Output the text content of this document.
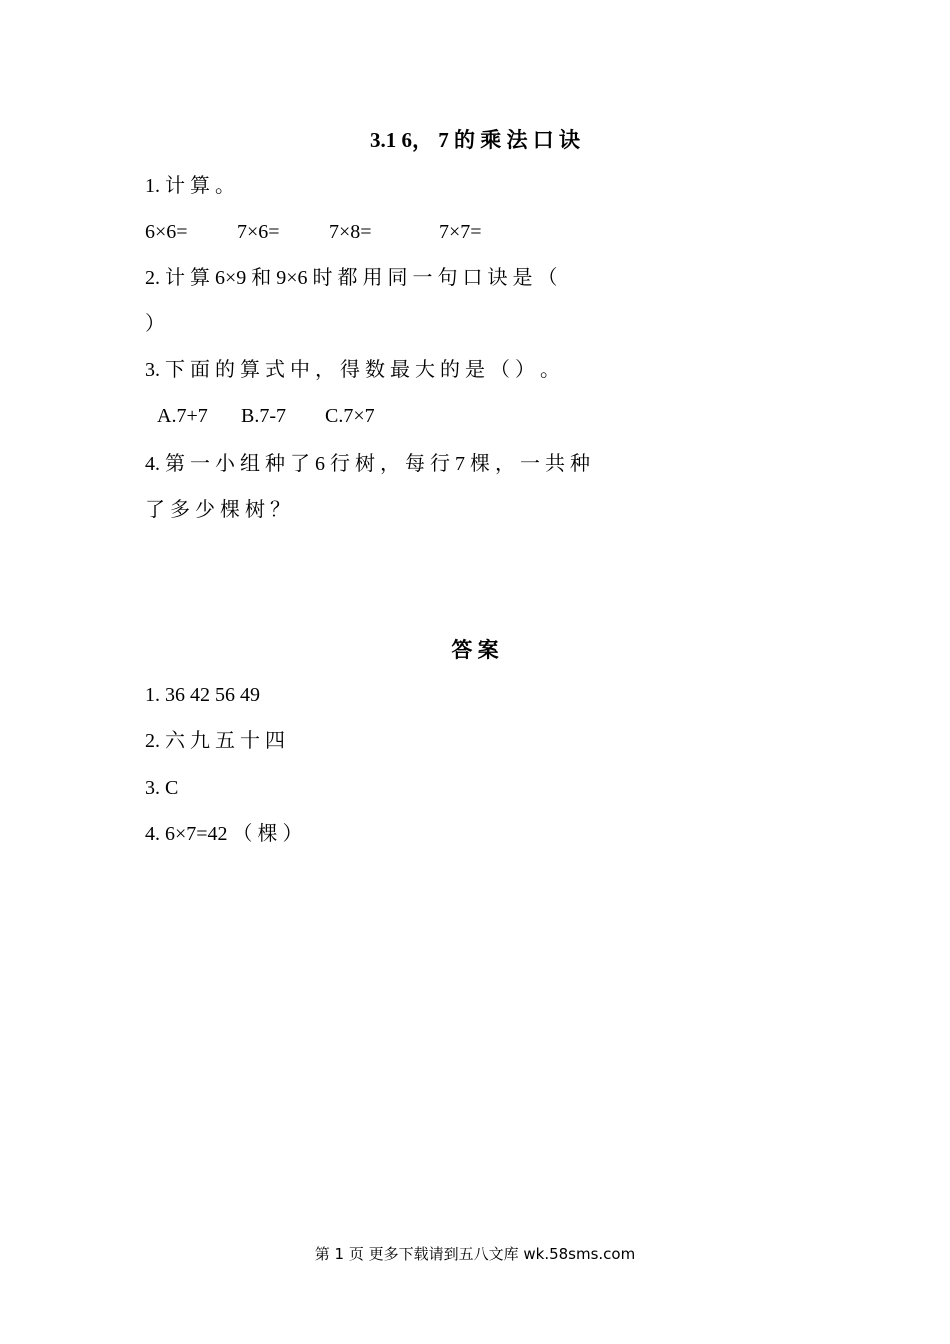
3.1 6， 7 的 乘 法 口 诀
1. 计 算 。
6×6= 7×6= 7×8=	7×7=
2. 计 算 6×9 和 9×6 时 都 用 同 一 句 口 诀 是 （
）
3. 下 面 的 算 式 中 ， 得 数 最 大 的 是 （ ） 。
A.7+7 B.7-7 C.7×7
4. 第 一 小 组 种 了 6 行 树 ， 每 行 7 棵 ， 一 共 种
了 多 少 棵 树 ？
答 案
1. 36 42 56 49
2. 六 九 五 十 四
3. C
4. 6×7=42 （ 棵 ）
第 1 页 更多下载请到五八文库 wk.58sms.com
